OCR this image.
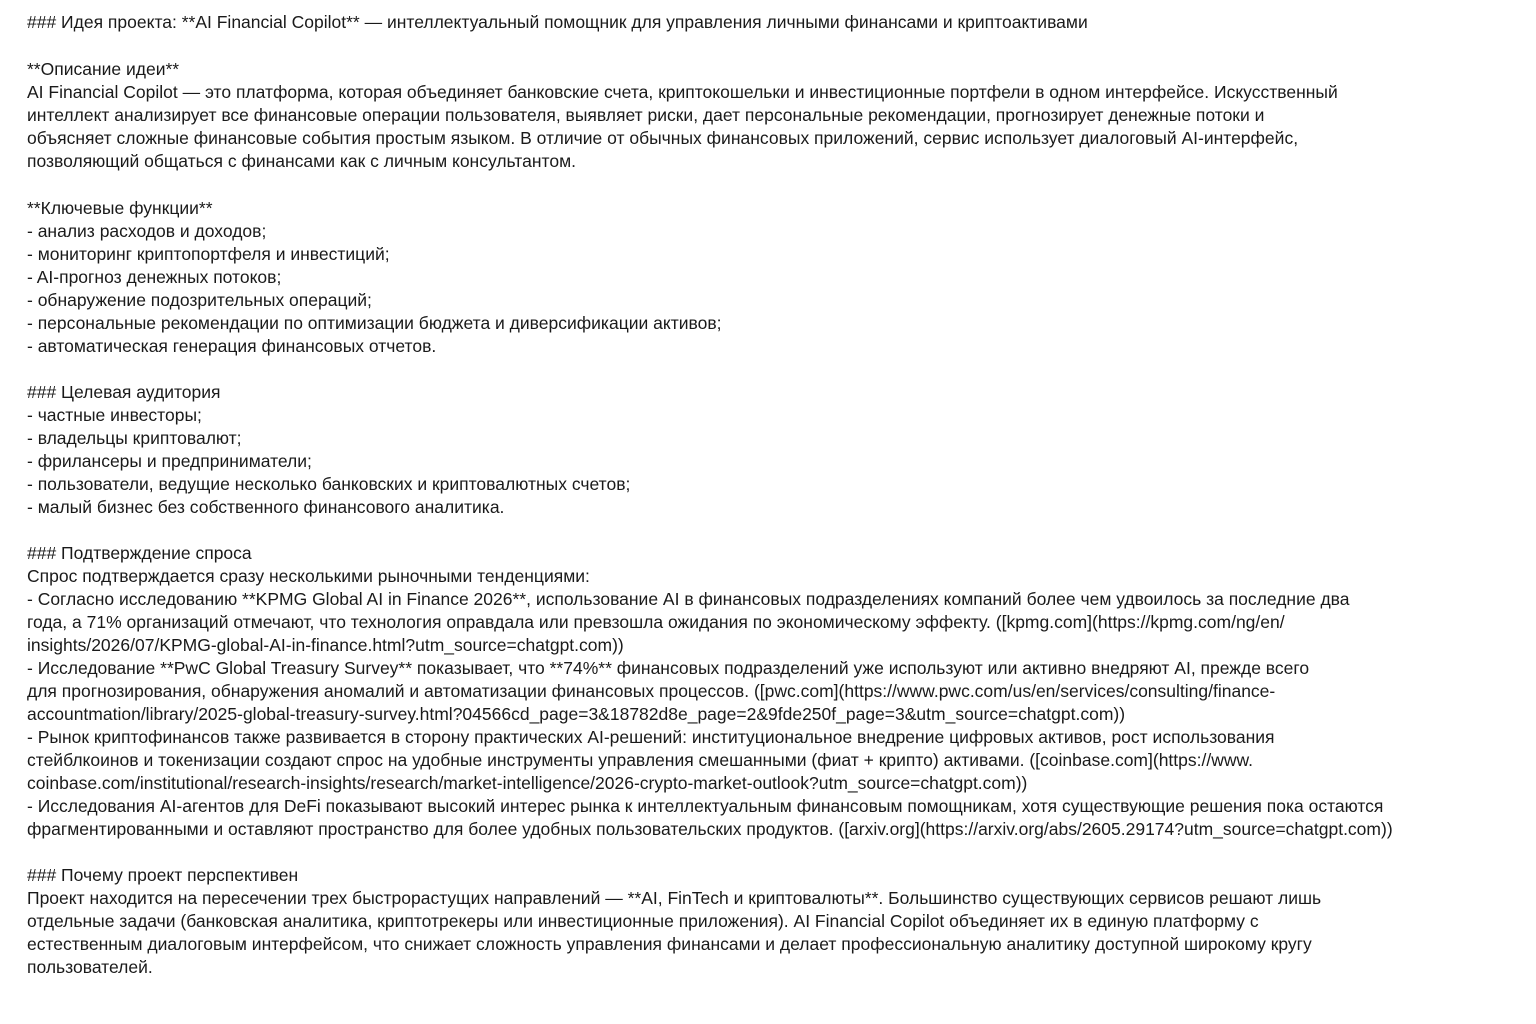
### Идея проекта: **AI Financial Copilot** — интеллектуальный помощник для управления личными финансами и криптоактивами
**Описание идеи**
AI Financial Copilot — это платформа, которая объединяет банковские счета, криптокошельки и инвестиционные портфели в одном интерфейсе. Искусственный
интеллект анализирует все финансовые операции пользователя, выявляет риски, дает персональные рекомендации, прогнозирует денежные потоки и
объясняет сложные финансовые события простым языком. В отличие от обычных финансовых приложений, сервис использует диалоговый AI-интерфейс,
позволяющий общаться с финансами как с личным консультантом.
**Ключевые функции**
- анализ расходов и доходов;
- мониторинг криптопортфеля и инвестиций;
- AI-прогноз денежных потоков;
- обнаружение подозрительных операций;
- персональные рекомендации по оптимизации бюджета и диверсификации активов;
- автоматическая генерация финансовых отчетов.
### Целевая аудитория
- частные инвесторы;
- владельцы криптовалют;
- фрилансеры и предприниматели;
- пользователи, ведущие несколько банковских и криптовалютных счетов;
- малый бизнес без собственного финансового аналитика.
### Подтверждение спроса
Спрос подтверждается сразу несколькими рыночными тенденциями:
- Согласно исследованию **KPMG Global AI in Finance 2026**, использование AI в финансовых подразделениях компаний более чем удвоилось за последние два
года, а 71% организаций отмечают, что технология оправдала или превзошла ожидания по экономическому эффекту. ([kpmg.com](https://kpmg.com/ng/en/
insights/2026/07/KPMG-global-AI-in-finance.html?utm_source=chatgpt.com))
- Исследование **PwC Global Treasury Survey** показывает, что **74%** финансовых подразделений уже используют или активно внедряют AI, прежде всего
для прогнозирования, обнаружения аномалий и автоматизации финансовых процессов. ([pwc.com](https://www.pwc.com/us/en/services/consulting/finance-
accountmation/library/2025-global-treasury-survey.html?04566cd_page=3&18782d8e_page=2&9fde250f_page=3&utm_source=chatgpt.com))
- Рынок криптофинансов также развивается в сторону практических AI-решений: институциональное внедрение цифровых активов, рост использования
стейблкоинов и токенизации создают спрос на удобные инструменты управления смешанными (фиат + крипто) активами. ([coinbase.com](https://www.
coinbase.com/institutional/research-insights/research/market-intelligence/2026-crypto-market-outlook?utm_source=chatgpt.com))
- Исследования AI-агентов для DeFi показывают высокий интерес рынка к интеллектуальным финансовым помощникам, хотя существующие решения пока остаются
фрагментированными и оставляют пространство для более удобных пользовательских продуктов. ([arxiv.org](https://arxiv.org/abs/2605.29174?utm_source=chatgpt.com))
### Почему проект перспективен
Проект находится на пересечении трех быстрорастущих направлений — **AI, FinTech и криптовалюты**. Большинство существующих сервисов решают лишь
отдельные задачи (банковская аналитика, криптотрекеры или инвестиционные приложения). AI Financial Copilot объединяет их в единую платформу с
естественным диалоговым интерфейсом, что снижает сложность управления финансами и делает профессиональную аналитику доступной широкому кругу
пользователей.
